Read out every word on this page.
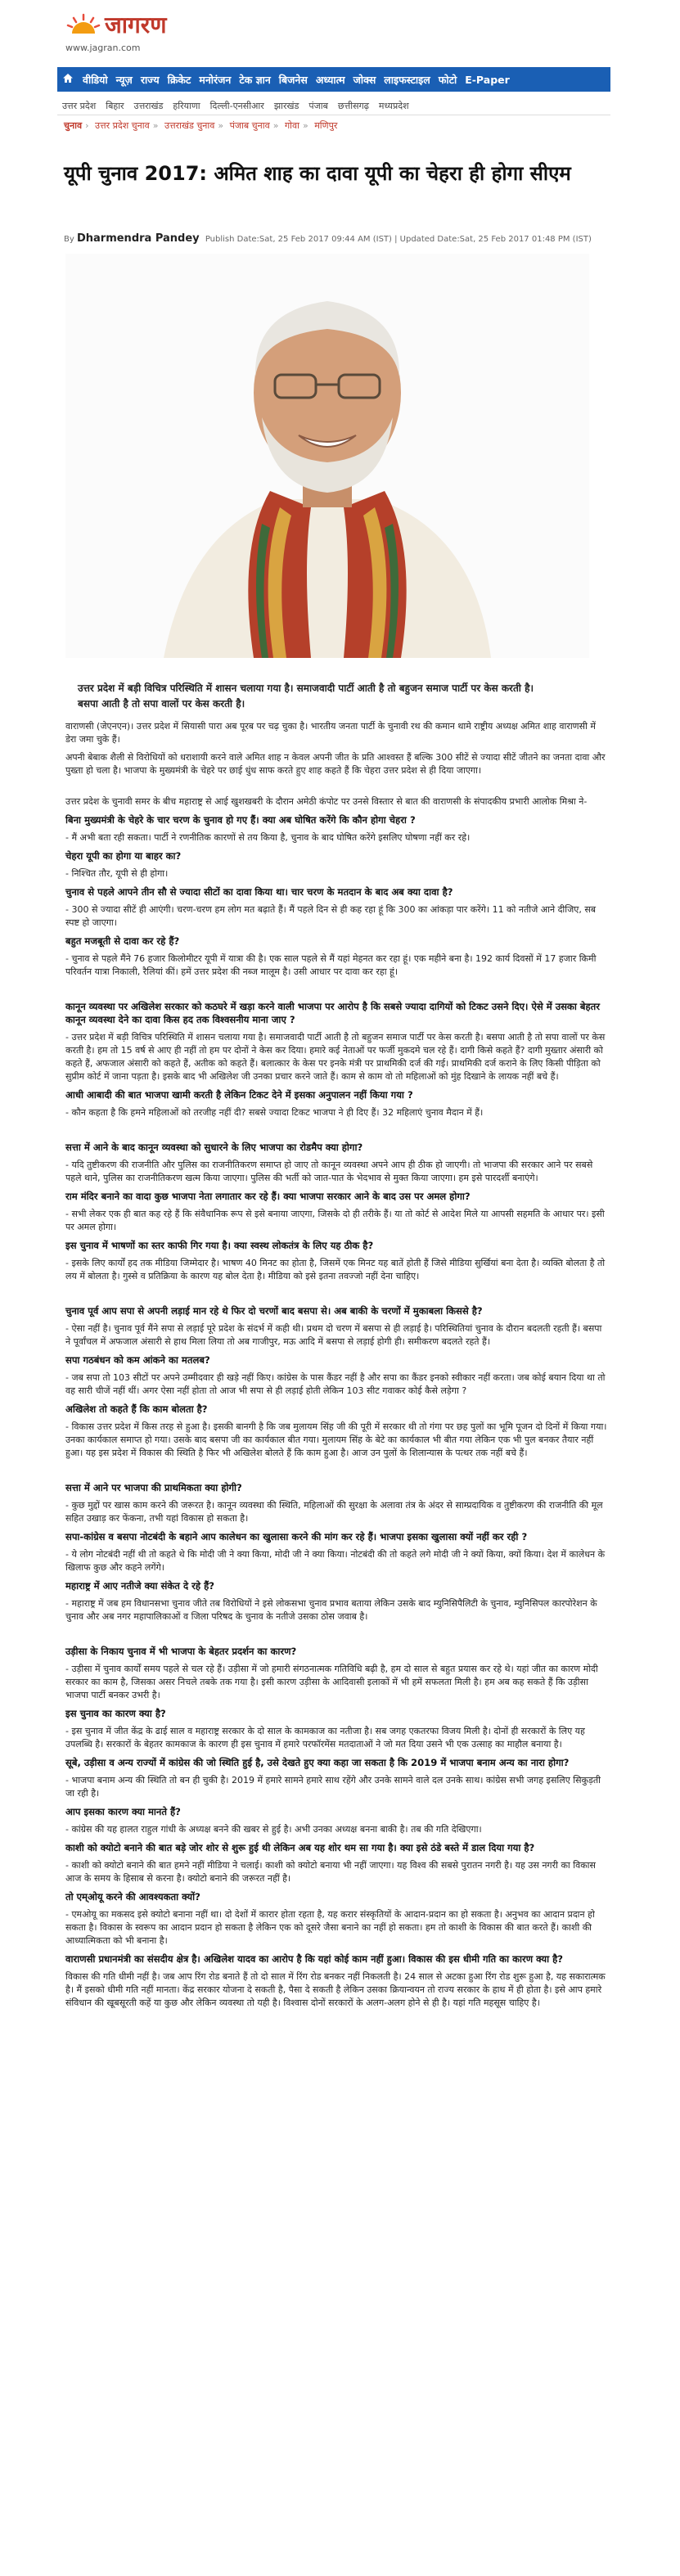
जागरण
www.jagran.com
वीडियो न्यूज़ राज्य क्रिकेट मनोरंजन टेक ज्ञान बिजनेस अध्यात्म जोक्स लाइफस्टाइल फोटो E-Paper
उत्तर प्रदेश बिहार उत्तराखंड हरियाणा दिल्ली-एनसीआर झारखंड पंजाब छत्तीसगढ़ मध्यप्रदेश
चुनाव › उत्तर प्रदेश चुनाव » उत्तराखंड चुनाव » पंजाब चुनाव » गोवा » मणिपुर
यूपी चुनाव 2017: अमित शाह का दावा यूपी का चेहरा ही होगा सीएम
By Dharmendra Pandey Publish Date:Sat, 25 Feb 2017 09:44 AM (IST) | Updated Date:Sat, 25 Feb 2017 01:48 PM (IST)
उत्तर प्रदेश में बड़ी विचित्र परिस्थिति में शासन चलाया गया है। समाजवादी पार्टी आती है तो बहुजन समाज पार्टी पर केस करती है। बसपा आती है तो सपा वालों पर केस करती है।

वाराणसी (जेएनएन)। उत्तर प्रदेश में सियासी पारा अब पूरब पर चढ़ चुका है। भारतीय जनता पार्टी के चुनावी रथ की कमान थामे राष्ट्रीय अध्यक्ष अमित शाह वाराणसी में डेरा जमा चुके हैं।

अपनी बेबाक शैली से विरोधियों को धराशायी करने वाले अमित शाह न केवल अपनी जीत के प्रति आश्वस्त हैं बल्कि 300 सीटें से ज्यादा सीटें जीतने का जनता दावा और पुख्ता हो चला है। भाजपा के मुख्यमंत्री के चेहरे पर छाई धुंध साफ करते हुए शाह कहते हैं कि चेहरा उत्तर प्रदेश से ही दिया जाएगा।

उत्तर प्रदेश के चुनावी समर के बीच महाराष्ट्र से आई खुशखबरी के दौरान अमेठी कंपोट पर उनसे विस्तार से बात की वाराणसी के संपादकीय प्रभारी आलोक मिश्रा ने-

बिना मुख्यमंत्री के चेहरे के चार चरण के चुनाव हो गए हैं। क्या अब घोषित करेंगे कि कौन होगा चेहरा ?

- मैं अभी बता रही सकता। पार्टी ने रणनीतिक कारणों से तय किया है, चुनाव के बाद घोषित करेंगे इसलिए घोषणा नहीं कर रहे।

चेहरा यूपी का होगा या बाहर का?

- निश्चित तौर, यूपी से ही होगा।

चुनाव से पहले आपने तीन सौ से ज्यादा सीटों का दावा किया था। चार चरण के मतदान के बाद अब क्या दावा है?

- 300 से ज्यादा सीटें ही आएंगी। चरण-चरण हम लोग मत बढ़ाते हैं। मैं पहले दिन से ही कह रहा हूं कि 300 का आंकड़ा पार करेंगे। 11 को नतीजे आने दीजिए, सब स्पष्ट हो जाएगा।

बहुत मजबूती से दावा कर रहे हैं?

- चुनाव से पहले मैंने 76 हजार किलोमीटर यूपी में यात्रा की है। एक साल पहले से मैं यहां मेहनत कर रहा हूं। एक महीने बना है। 192 कार्य दिवसों में 17 हजार किमी परिवर्तन यात्रा निकाली, रैलियां कीं। हमें उत्तर प्रदेश की नब्ज मालूम है। उसी आधार पर दावा कर रहा हूं।

कानून व्यवस्था पर अखिलेश सरकार को कठघरे में खड़ा करने वाली भाजपा पर आरोप है कि सबसे ज्यादा दागियों को टिकट उसने दिए। ऐसे में उसका बेहतर कानून व्यवस्था देने का दावा किस हद तक विश्वसनीय माना जाए ?

- उत्तर प्रदेश में बड़ी विचित्र परिस्थिति में शासन चलाया गया है। समाजवादी पार्टी आती है तो बहुजन समाज पार्टी पर केस करती है। बसपा आती है तो सपा वालों पर केस करती है। हम तो 15 वर्ष से आए ही नहीं तो हम पर दोनों ने केस कर दिया। हमारे कई नेताओं पर फर्जी मुकदमे चल रहे हैं। दागी किसे कहते हैं? दागी मुख्तार अंसारी को कहते हैं, अफजाल अंसारी को कहते हैं, अतीक को कहते हैं। बलात्कार के केस पर इनके मंत्री पर प्राथमिकी दर्ज की गई। प्राथमिकी दर्ज कराने के लिए किसी पीड़िता को सुप्रीम कोर्ट में जाना पड़ता है। इसके बाद भी अखिलेश जी उनका प्रचार करने जाते हैं। काम से काम वो तो महिलाओं को मुंह दिखाने के लायक नहीं बचे हैं।

आधी आबादी की बात भाजपा खामी करती है लेकिन टिकट देने में इसका अनुपालन नहीं किया गया ?

- कौन कहता है कि हमने महिलाओं को तरजीह नहीं दी? सबसे ज्यादा टिकट भाजपा ने ही दिए हैं। 32 महिलाएं चुनाव मैदान में हैं।

सत्ता में आने के बाद कानून व्यवस्था को सुधारने के लिए भाजपा का रोडमैप क्या होगा?

- यदि तुष्टीकरण की राजनीति और पुलिस का राजनीतिकरण समाप्त हो जाए तो कानून व्यवस्था अपने आप ही ठीक हो जाएगी। तो भाजपा की सरकार आने पर सबसे पहले थाने, पुलिस का राजनीतिकरण खत्म किया जाएगा। पुलिस की भर्ती को जात-पात के भेदभाव से मुक्त किया जाएगा। हम इसे पारदर्शी बनाएंगे।

राम मंदिर बनाने का वादा कुछ भाजपा नेता लगातार कर रहे हैं। क्या भाजपा सरकार आने के बाद उस पर अमल होगा?

- सभी लेकर एक ही बात कह रहे हैं कि संवैधानिक रूप से इसे बनाया जाएगा, जिसके दो ही तरीके हैं। या तो कोर्ट से आदेश मिले या आपसी सहमति के आधार पर। इसी पर अमल होगा।

इस चुनाव में भाषणों का स्तर काफी गिर गया है। क्या स्वस्थ लोकतंत्र के लिए यह ठीक है?

- इसके लिए कार्यों हद तक मीडिया जिम्मेदार है। भाषण 40 मिनट का होता है, जिसमें एक मिनट यह बातें होती हैं जिसे मीडिया सुर्खियां बना देता है। व्यक्ति बोलता है तो लय में बोलता है। गुस्से व प्रतिक्रिया के कारण यह बोल देता है। मीडिया को इसे इतना तवज्जो नहीं देना चाहिए।

चुनाव पूर्व आप सपा से अपनी लड़ाई मान रहे थे फिर दो चरणों बाद बसपा से। अब बाकी के चरणों में मुकाबला किससे है?

- ऐसा नहीं है। चुनाव पूर्व मैंने सपा से लड़ाई पूरे प्रदेश के संदर्भ में कही थी। प्रथम दो चरण में बसपा से ही लड़ाई है। परिस्थितियां चुनाव के दौरान बदलती रहती हैं। बसपा ने पूर्वांचल में अफजाल अंसारी से हाथ मिला लिया तो अब गाजीपुर, मऊ आदि में बसपा से लड़ाई होगी ही। समीकरण बदलते रहते हैं।

सपा गठबंधन को कम आंकने का मतलब?

- जब सपा तो 103 सीटों पर अपने उम्मीदवार ही खड़े नहीं किए। कांग्रेस के पास कैंडर नहीं है और सपा का कैंडर इनको स्वीकार नहीं करता। जब कोई बयान दिया था तो वह सारी चीजें नहीं थीं। अगर ऐसा नहीं होता तो आज भी सपा से ही लड़ाई होती लेकिन 103 सीट गवाकर कोई कैसे लड़ेगा ?

अखिलेश तो कहते हैं कि काम बोलता है?

- विकास उत्तर प्रदेश में किस तरह से हुआ है। इसकी बानगी है कि जब मुलायम सिंह जी की पूरी में सरकार थी तो गंगा पर छह पुलों का भूमि पूजन दो दिनों में किया गया। उनका कार्यकाल समाप्त हो गया। उसके बाद बसपा जी का कार्यकाल बीत गया। मुलायम सिंह के बेटे का कार्यकाल भी बीत गया लेकिन एक भी पुल बनकर तैयार नहीं हुआ। यह इस प्रदेश में विकास की स्थिति है फिर भी अखिलेश बोलते हैं कि काम हुआ है। आज उन पुलों के शिलान्यास के पत्थर तक नहीं बचे हैं।

सत्ता में आने पर भाजपा की प्राथमिकता क्या होगी?

- कुछ मुद्दों पर खास काम करने की जरूरत है। कानून व्यवस्था की स्थिति, महिलाओं की सुरक्षा के अलावा तंत्र के अंदर से साम्प्रदायिक व तुष्टीकरण की राजनीति की मूल सहित उखाड़ कर फेंकना, तभी यहां विकास हो सकता है।

सपा-कांग्रेस व बसपा नोटबंदी के बहाने आप कालेधन का खुलासा करने की मांग कर रहे हैं। भाजपा इसका खुलासा क्यों नहीं कर रही ?

- ये लोग नोटबंदी नहीं थी तो कहते थे कि मोदी जी ने क्या किया, मोदी जी ने क्या किया। नोटबंदी की तो कहते लगे मोदी जी ने क्यों किया, क्यों किया। देश में कालेधन के खिलाफ कुछ और कहने लगेंगे।

महाराष्ट्र में आए नतीजे क्या संकेत दे रहे हैं?

- महाराष्ट्र में जब हम विधानसभा चुनाव जीते तब विरोधियों ने इसे लोकसभा चुनाव प्रभाव बताया लेकिन उसके बाद म्युनिसिपैलिटी के चुनाव, म्युनिसिपल कारपोरेशन के चुनाव और अब नगर महापालिकाओं व जिला परिषद के चुनाव के नतीजे उसका ठोस जवाब है।

उड़ीसा के निकाय चुनाव में भी भाजपा के बेहतर प्रदर्शन का कारण?

- उड़ीसा में चुनाव कार्यों समय पहले से चल रहे हैं। उड़ीसा में जो हमारी संगठनात्मक गतिविधि बढ़ी है, हम दो साल से बहुत प्रयास कर रहे थे। यहां जीत का कारण मोदी सरकार का काम है, जिसका असर निचले तबके तक गया है। इसी कारण उड़ीसा के आदिवासी इलाकों में भी हमें सफलता मिली है। हम अब कह सकते हैं कि उड़ीसा भाजपा पार्टी बनकर उभरी है।

इस चुनाव का कारण क्या है?

- इस चुनाव में जीत केंद्र के ढाई साल व महाराष्ट्र सरकार के दो साल के कामकाज का नतीजा है। सब जगह एकतरफा विजय मिली है। दोनों ही सरकारों के लिए यह उपलब्धि है। सरकारों के बेहतर कामकाज के कारण ही इस चुनाव में हमारे परफॉरमेंस मतदाताओं ने जो मत दिया उसने भी एक उत्साह का माहौल बनाया है।

सूबे, उड़ीसा व अन्य राज्यों में कांग्रेस की जो स्थिति हुई है, उसे देखते हुए क्या कहा जा सकता है कि 2019 में भाजपा बनाम अन्य का नारा होगा?

- भाजपा बनाम अन्य की स्थिति तो बन ही चुकी है। 2019 में हमारे सामने हमारे साथ रहेंगे और उनके सामने वाले दल उनके साथ। कांग्रेस सभी जगह इसलिए सिकुड़ती जा रही है।

आप इसका कारण क्या मानते हैं?

- कांग्रेस की यह हालत राहुल गांधी के अध्यक्ष बनने की खबर से हुई है। अभी उनका अध्यक्ष बनना बाकी है। तब की गति देखिएगा।

काशी को क्योटो बनाने की बात बड़े जोर शोर से शुरू हुई थी लेकिन अब यह शोर थम सा गया है। क्या इसे ठंडे बस्ते में डाल दिया गया है?

- काशी को क्योटो बनाने की बात हमने नहीं मीडिया ने चलाई। काशी को क्योटो बनाया भी नहीं जाएगा। यह विश्व की सबसे पुरातन नगरी है। यह उस नगरी का विकास आज के समय के हिसाब से करना है। क्योटो बनाने की जरूरत नहीं है।

तो एम्ओयू करने की आवश्यकता क्यों?

- एमओयू का मकसद इसे क्योटो बनाना नहीं था। दो देशों में कारार होता रहता है, यह करार संस्कृतियों के आदान-प्रदान का हो सकता है। अनुभव का आदान प्रदान हो सकता है। विकास के स्वरूप का आदान प्रदान हो सकता है लेकिन एक को दूसरे जैसा बनाने का नहीं हो सकता। हम तो काशी के विकास की बात करते हैं। काशी की आध्यात्मिकता को भी बनाना है।

वाराणसी प्रधानमंत्री का संसदीय क्षेत्र है। अखिलेश यादव का आरोप है कि यहां कोई काम नहीं हुआ। विकास की इस धीमी गति का कारण क्या है?

विकास की गति धीमी नहीं है। जब आप रिंग रोड बनाते हैं तो दो साल में रिंग रोड बनकर नहीं निकलती है। 24 साल से अटका हुआ रिंग रोड शुरू हुआ है, यह सकारात्मक है। मैं इसको धीमी गति नहीं मानता। केंद्र सरकार योजना दे सकती है, पैसा दे सकती है लेकिन उसका क्रियान्वयन तो राज्य सरकार के हाथ में ही होता है। इसे आप हमारे संविधान की खूबसूरती कहें या कुछ और लेकिन व्यवस्था तो यही है। विश्वास दोनों सरकारों के अलग-अलग होने से ही है। यहां गति महसूस चाहिए है।
